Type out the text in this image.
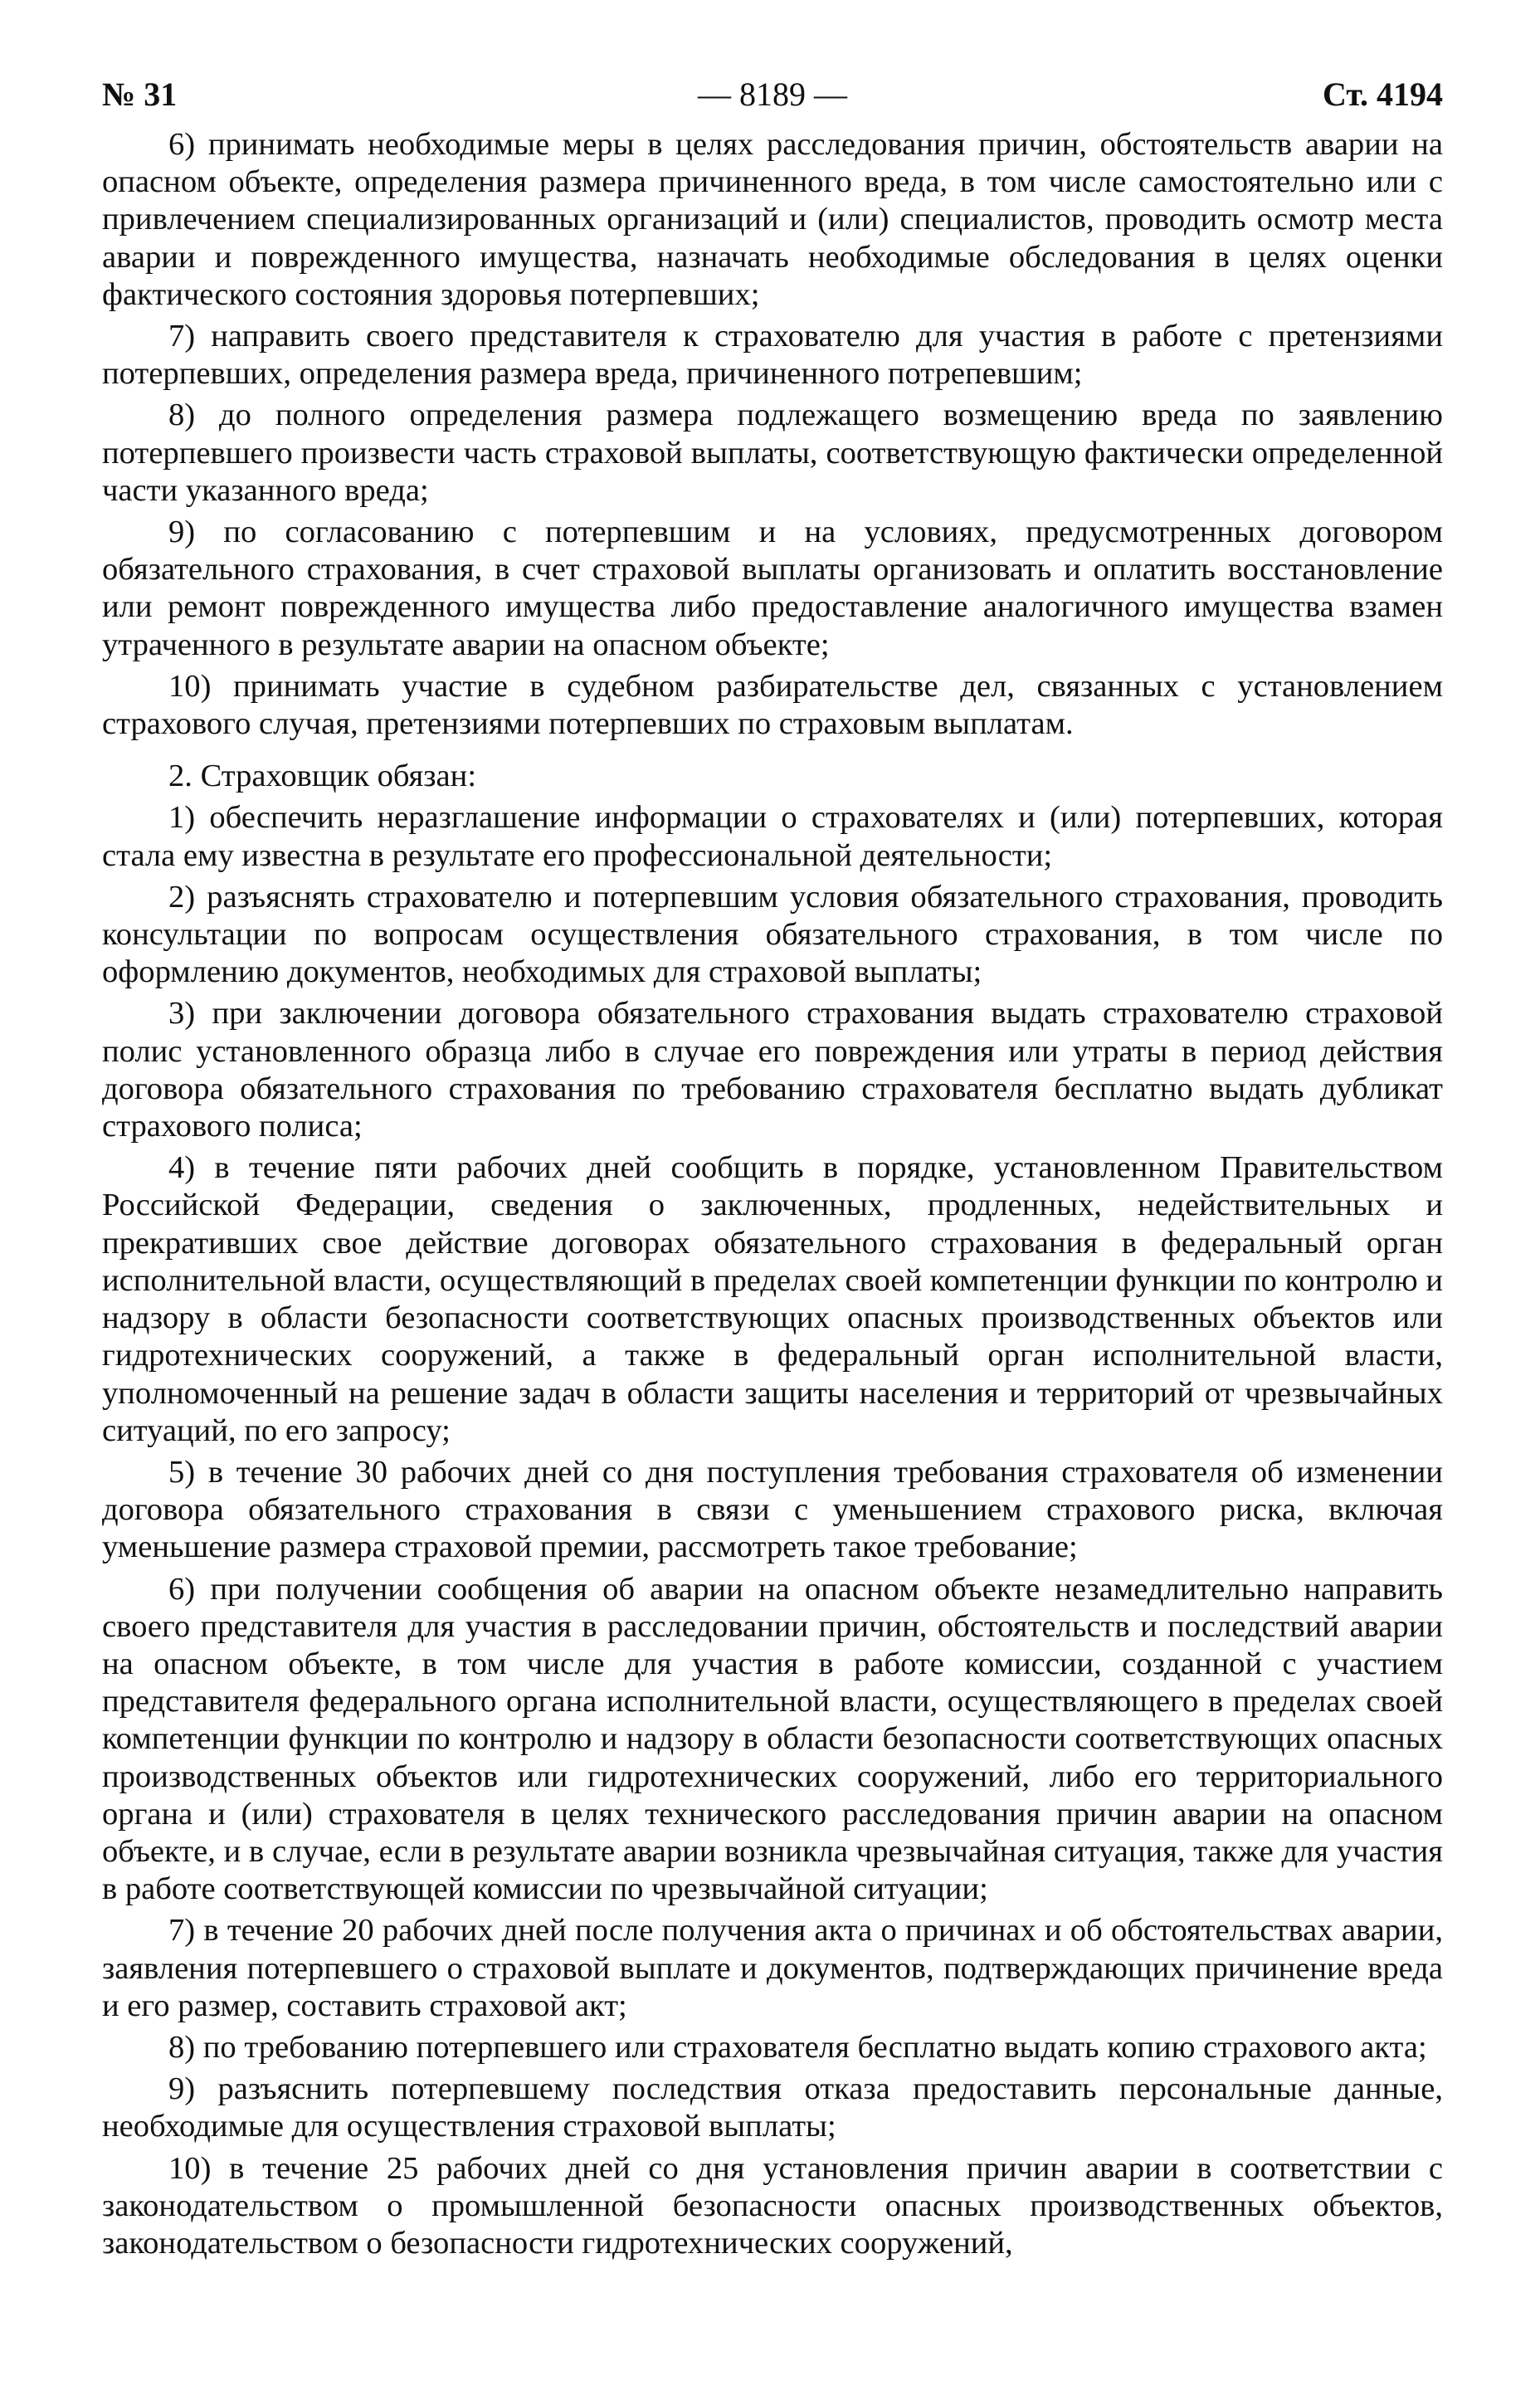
№ 31	— 8189 —	Ст. 4194

6) принимать необходимые меры в целях расследования причин, обстоятельств аварии на опасном объекте, определения размера причиненного вреда, в том числе самостоятельно или с привлечением специализированных организаций и (или) специалистов, проводить осмотр места аварии и поврежденного имущества, назначать необходимые обследования в целях оценки фактического состояния здоровья потерпевших;

7) направить своего представителя к страхователю для участия в работе с претензиями потерпевших, определения размера вреда, причиненного потрепевшим;

8) до полного определения размера подлежащего возмещению вреда по заявлению потерпевшего произвести часть страховой выплаты, соответствующую фактически определенной части указанного вреда;

9) по согласованию с потерпевшим и на условиях, предусмотренных договором обязательного страхования, в счет страховой выплаты организовать и оплатить восстановление или ремонт поврежденного имущества либо предоставление аналогичного имущества взамен утраченного в результате аварии на опасном объекте;

10) принимать участие в судебном разбирательстве дел, связанных с установлением страхового случая, претензиями потерпевших по страховым выплатам.

2. Страховщик обязан:

1) обеспечить неразглашение информации о страхователях и (или) потерпевших, которая стала ему известна в результате его профессиональной деятельности;

2) разъяснять страхователю и потерпевшим условия обязательного страхования, проводить консультации по вопросам осуществления обязательного страхования, в том числе по оформлению документов, необходимых для страховой выплаты;

3) при заключении договора обязательного страхования выдать страхователю страховой полис установленного образца либо в случае его повреждения или утраты в период действия договора обязательного страхования по требованию страхователя бесплатно выдать дубликат страхового полиса;

4) в течение пяти рабочих дней сообщить в порядке, установленном Правительством Российской Федерации, сведения о заключенных, продленных, недействительных и прекративших свое действие договорах обязательного страхования в федеральный орган исполнительной власти, осуществляющий в пределах своей компетенции функции по контролю и надзору в области безопасности соответствующих опасных производственных объектов или гидротехнических сооружений, а также в федеральный орган исполнительной власти, уполномоченный на решение задач в области защиты населения и территорий от чрезвычайных ситуаций, по его запросу;

5) в течение 30 рабочих дней со дня поступления требования страхователя об изменении договора обязательного страхования в связи с уменьшением страхового риска, включая уменьшение размера страховой премии, рассмотреть такое требование;

6) при получении сообщения об аварии на опасном объекте незамедлительно направить своего представителя для участия в расследовании причин, обстоятельств и последствий аварии на опасном объекте, в том числе для участия в работе комиссии, созданной с участием представителя федерального органа исполнительной власти, осуществляющего в пределах своей компетенции функции по контролю и надзору в области безопасности соответствующих опасных производственных объектов или гидротехнических сооружений, либо его территориального органа и (или) страхователя в целях технического расследования причин аварии на опасном объекте, и в случае, если в результате аварии возникла чрезвычайная ситуация, также для участия в работе соответствующей комиссии по чрезвычайной ситуации;

7) в течение 20 рабочих дней после получения акта о причинах и об обстоятельствах аварии, заявления потерпевшего о страховой выплате и документов, подтверждающих причинение вреда и его размер, составить страховой акт;

8) по требованию потерпевшего или страхователя бесплатно выдать копию страхового акта;

9) разъяснить потерпевшему последствия отказа предоставить персональные данные, необходимые для осуществления страховой выплаты;

10) в течение 25 рабочих дней со дня установления причин аварии в соответствии с законодательством о промышленной безопасности опасных производственных объектов, законодательством о безопасности гидротехнических сооружений,
